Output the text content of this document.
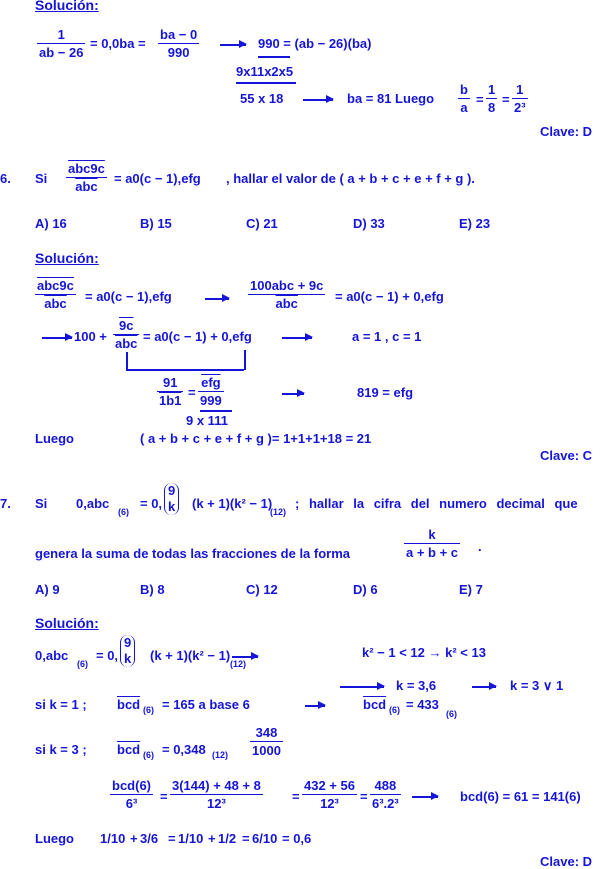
Solución:
$\frac{1}{ab - 26} = 0,0ba = \frac{ba - 0}{990}$	990 = (ab − 26)(ba)
9x11x2x5
55 x 18	ba = 81 Luego $\frac{b}{a} = \frac{1}{8} = \frac{1}{\text{2³}}$
Clave: D
6. Si
abc9c
$\overline{abc}$
= a0(c − 1),efg , hallar el valor de ( a + b + c + e + f + g ).
A) 16	B) 15	C) 21	D) 33	E) 23
Solución:
abc9c
$\overline{abc}$	= a0(c − 1),efg
100abc + 9c
$\overline{abc}$	= a0(c − 1) + 0,efg
100 +
9c
$\overline{abc} = a0(c - 1) + 0,efg$	a = 1 , c = 1
$\frac{91}{1b1}$ =
$\overline{efg}$
999
9 x 111
819 = efg
Luego	( a + b + c + e + f + g )= 1+1+1+18 = 21
Clave: C
7. Si 0,abc
(6)
= 0,
9
k (k + 1)(k² − 1)
(12)
; hallar la cifra del numero decimal que
genera la suma de todas las fracciones de la forma	$\frac{k}{a + b + c}$ .
A) 9	B) 8	C) 12	D) 6	E) 7
Solución:
0,abc
(6)
= 0,
9
k (k + 1)(k² − 1)
(12)
k² − 1 < 12 → k² < 13
k = 3,6	k = 3 ∨ 1
si k = 1 ; $\overline{bcd}$ (6) = 165 a base 6	$\overline{bcd}$ (6) = 433
(6)
si k = 3 ; $\overline{bcd}$ (6) = 0,348 $(12) \frac{348}{1000}$
bcd(6)
6³	= $\frac{3(144) + 48 + 8}{\text{12³}} = \frac{432 + 56}{\text{12³}} = \frac{488}{\text{6³.2³}}$	bcd(6) = 61 = 141(6)
Luego 1/10 + 3/6 = 1/10 + 1/2 = 6/10 = 0,6
Clave: D
